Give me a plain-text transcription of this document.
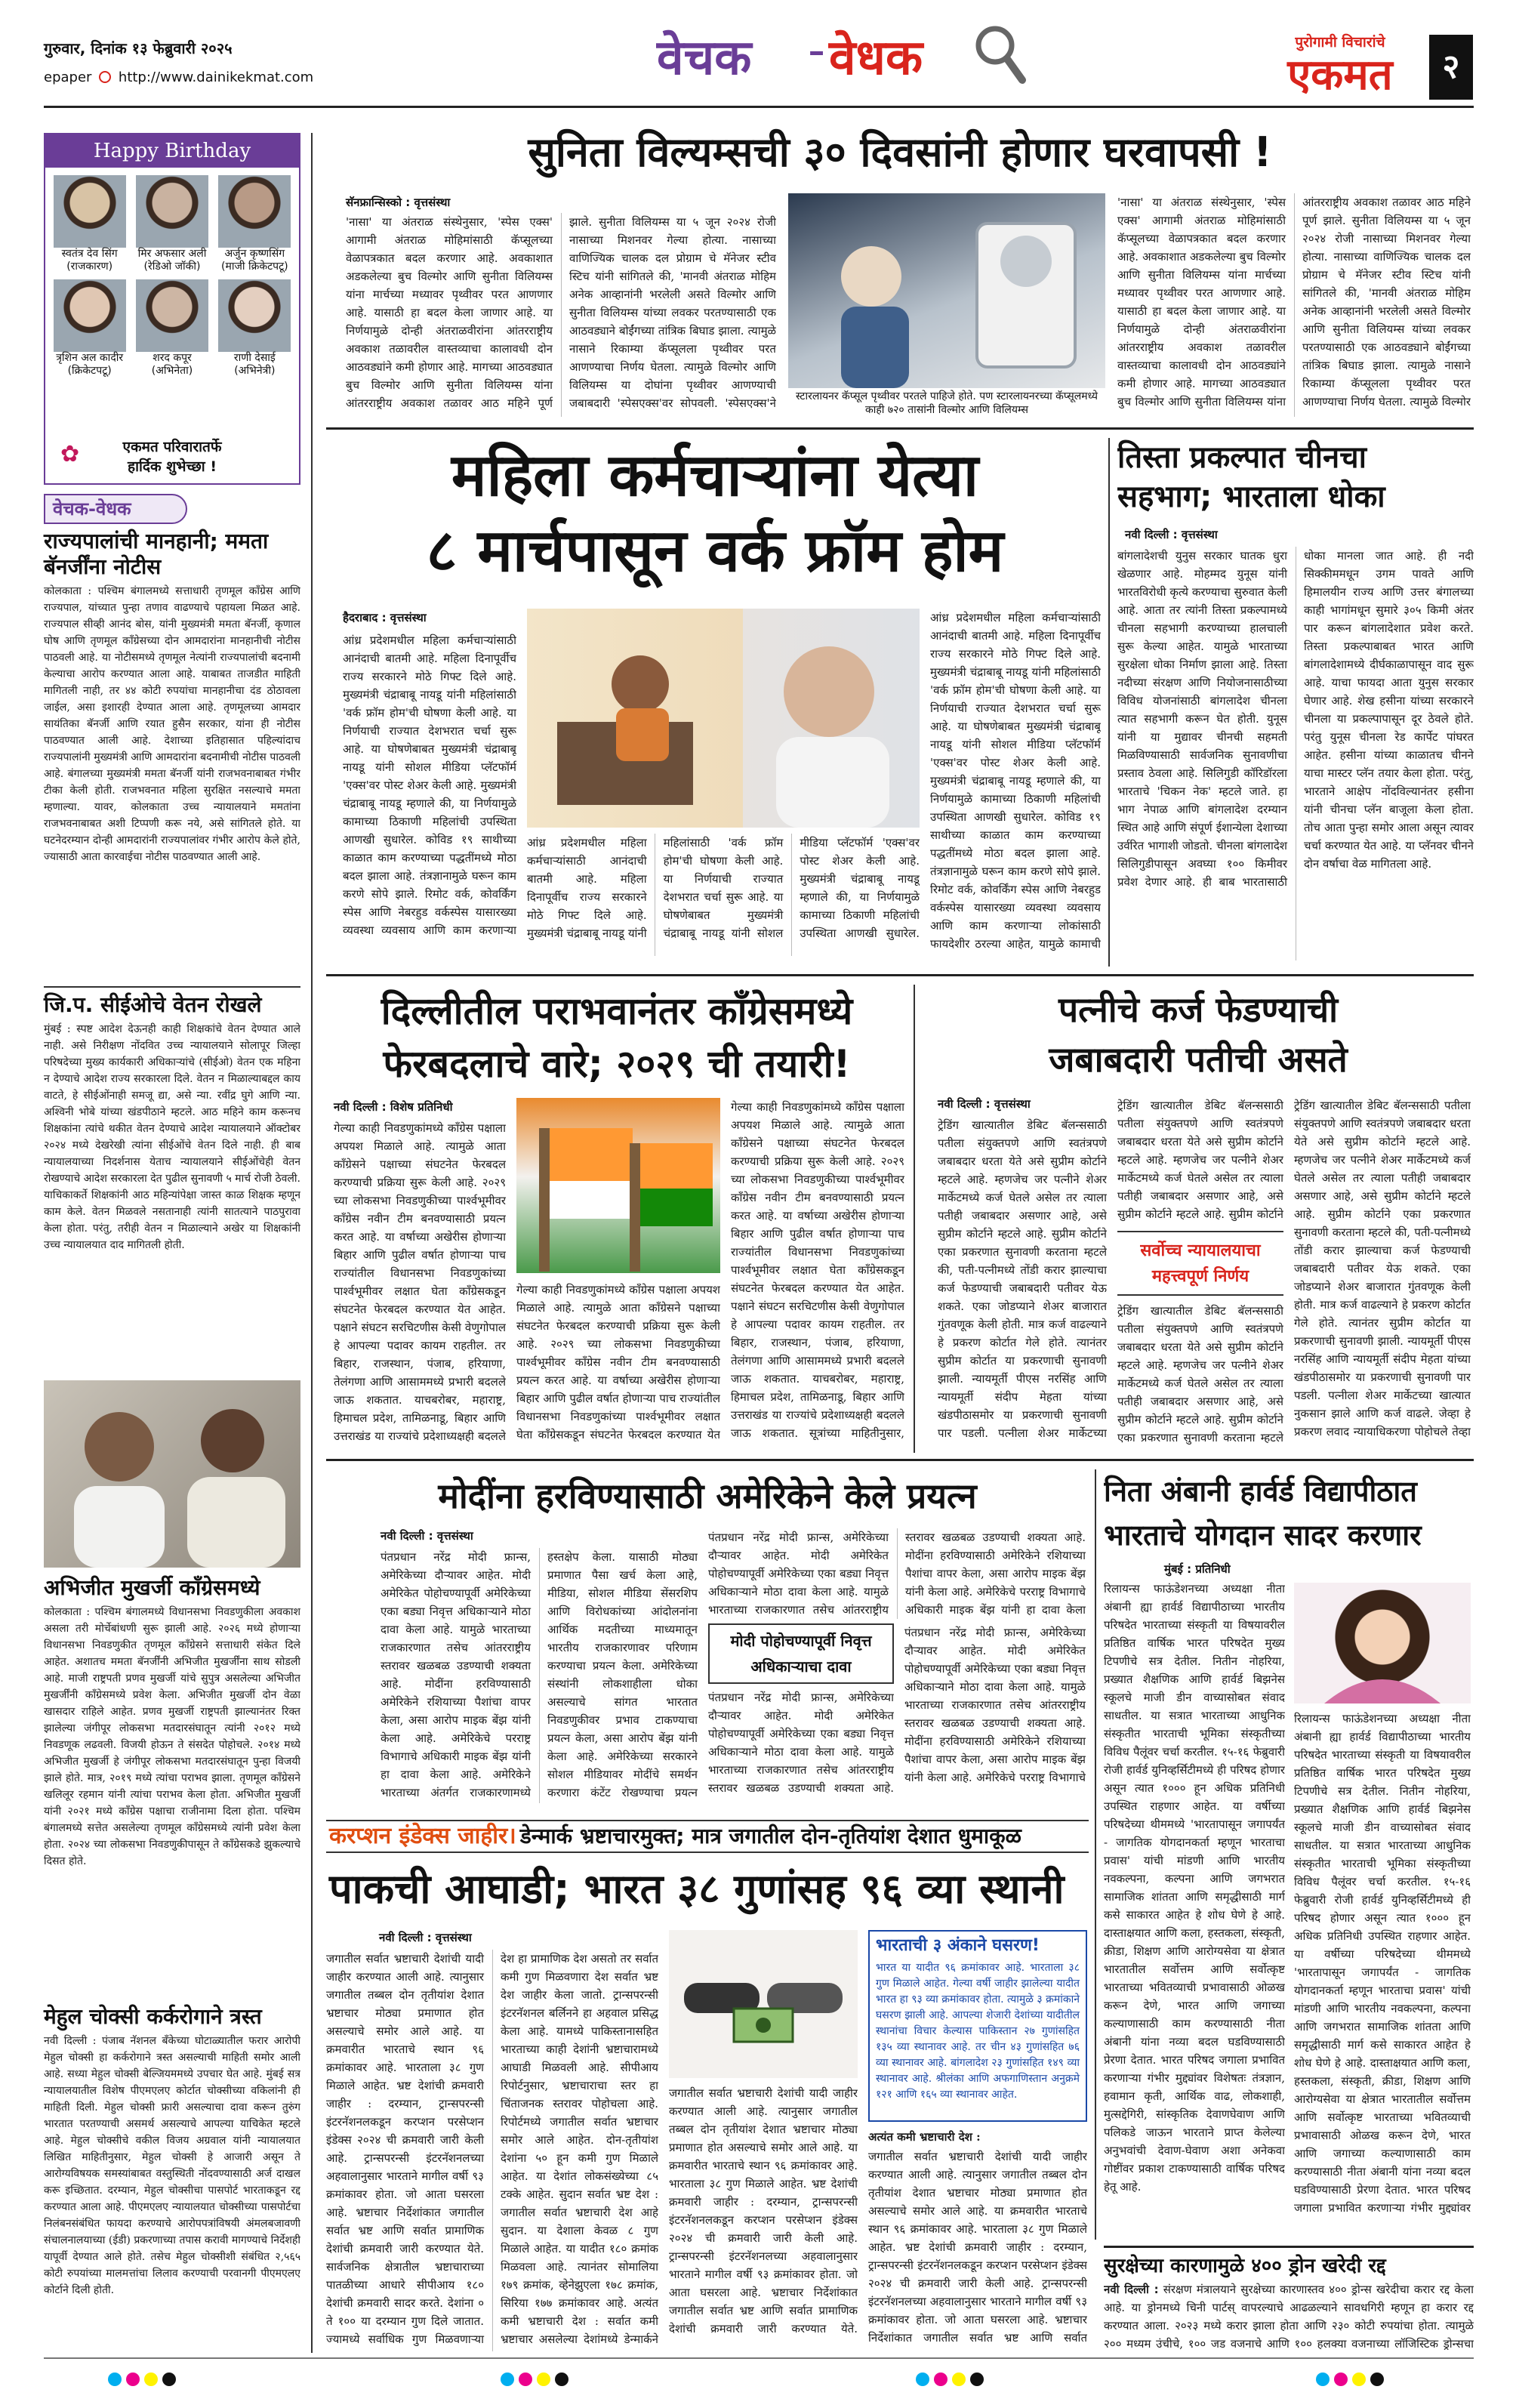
गुरुवार, दिनांक १३ फेब्रुवारी २०२५
epaper http://www.dainikekmat.com	वेचक - वेधक	पुरोगामी विचारांचे
एकमत	२
Happy Birthday
स्वतंत्र देव सिंग
(राजकारण)
मिर अफसार अली
(रेडिओ जॉकी)
अर्जुन कृष्णसिंग
(माजी क्रिकेटपटू)
त्रृशिन अल कादीर
(क्रिकेटपटू)
शरद कपूर
(अभिनेता)
राणी देसाई
(अभिनेत्री)
एकमत परिवारातर्फे
हार्दिक शुभेच्छा !
✿
वेचक-वेधक
राज्यपालांची मानहानी; ममता बॅनर्जींना नोटीस
कोलकाता : पश्चिम बंगालमध्ये सत्ताधारी तृणमूल काँग्रेस आणि राज्यपाल, यांच्यात पुन्हा तणाव वाढण्याचे पहायला मिळत आहे. राज्यपाल सीव्ही आनंद बोस, यांनी मुख्यमंत्री ममता बॅनर्जी, कृणाल घोष आणि तृणमूल काँग्रेसच्या दोन आमदारांना मानहानीची नोटीस पाठवली आहे. या नोटीसमध्ये तृणमूल नेत्यांनी राज्यपालांची बदनामी केल्याचा आरोप करण्यात आला आहे. याबाबत ताजडीत माहिती मागितली नाही, तर ४४ कोटी रुपयांचा मानहानीचा दंड ठोठावला जाईल, असा इशारही देण्यात आला आहे. तृणमूलच्या आमदार सायंतिका बॅनर्जी आणि रयात हुसैन सरकार, यांना ही नोटीस पाठवण्यात आली आहे. देशाच्या इतिहासात पहिल्यांदाच राज्यपालांनी मुख्यमंत्री आणि आमदारांना बदनामीची नोटीस पाठवली आहे. बंगालच्या मुख्यमंत्री ममता बॅनर्जी यांनी राजभवनाबाबत गंभीर टीका केली होती. राजभवनात महिला सुरक्षित नसल्याचे ममता म्हणाल्या. यावर, कोलकाता उच्च न्यायालयाने ममतांना राजभवनाबाबत अशी टिप्पणी करू नये, असे सांगितले होते. या घटनेदरम्यान दोन्ही आमदारांनी राज्यपालांवर गंभीर आरोप केले होते, ज्यासाठी आता कारवाईचा नोटीस पाठवण्यात आली आहे.
जि.प. सीईओचे वेतन रोखले
मुंबई : स्पष्ट आदेश देऊनही काही शिक्षकांचे वेतन देण्यात आले नाही. असे निरीक्षण नोंदवित उच्च न्यायालयाने सोलापूर जिल्हा परिषदेच्या मुख्य कार्यकारी अधिकाऱ्यांचे (सीईओ) वेतन एक महिना न देण्याचे आदेश राज्य सरकारला दिले. वेतन न मिळाल्याबद्दल काय वाटते, हे सीईओंनाही समजू द्या, असे न्या. रवींद्र घुगे आणि न्या. अश्विनी भोबे यांच्या खंडपीठाने म्हटले. आठ महिने काम करूनच शिक्षकांना त्यांचे थकीत वेतन देण्याचे आदेश न्यायालयाने ऑक्टोबर २०२४ मध्ये देखरेखी त्यांना सीईओंचे वेतन दिले नाही. ही बाब न्यायालयाच्या निदर्शनास येताच न्यायालयाने सीईओंचेही वेतन रोखण्याचे आदेश सरकारला देत पुढील सुनावणी ५ मार्च रोजी ठेवली. याचिकाकर्ते शिक्षकांनी आठ महिन्यांपेक्षा जास्त काळ शिक्षक म्हणून काम केले. वेतन मिळवले नसतानाही त्यांनी सातत्याने पाठपुरावा केला होता. परंतु, तरीही वेतन न मिळाल्याने अखेर या शिक्षकांनी उच्च न्यायालयात दाद मागितली होती.
अभिजीत मुखर्जी काँग्रेसमध्ये
कोलकाता : पश्चिम बंगालमध्ये विधानसभा निवडणुकीला अवकाश असला तरी मोर्चेबांधणी सुरू झाली आहे. २०२६ मध्ये होणाऱ्या विधानसभा निवडणुकीत तृणमूल काँग्रेसने सत्ताधारी संकेत दिले आहेत. अशातच ममता बॅनर्जींनी अभिजीत मुखर्जींना साथ सोडली आहे. माजी राष्ट्रपती प्रणव मुखर्जी यांचे सुपुत्र असलेल्या अभिजीत मुखर्जींनी काँग्रेसमध्ये प्रवेश केला. अभिजीत मुखर्जी दोन वेळा खासदार राहिले आहेत. प्रणव मुखर्जी राष्ट्रपती झाल्यानंतर रिक्त झालेल्या जंगीपूर लोकसभा मतदारसंघातून त्यांनी २०१२ मध्ये निवडणूक लढवली. विजयी होऊन ते संसदेत पोहोचले. २०१४ मध्ये अभिजीत मुखर्जी हे जंगीपूर लोकसभा मतदारसंघातून पुन्हा विजयी झाले होते. मात्र, २०१९ मध्ये त्यांचा पराभव झाला. तृणमूल काँग्रेसने खलिलूर रहमान यांनी त्यांचा पराभव केला होता. अभिजीत मुखर्जी यांनी २०२१ मध्ये काँग्रेस पक्षाचा राजीनामा दिला होता. पश्चिम बंगालमध्ये सत्तेत असलेल्या तृणमूल काँग्रेसमध्ये त्यांनी प्रवेश केला होता. २०२४ च्या लोकसभा निवडणुकीपासून ते काँग्रेसकडे झुकल्याचे दिसत होते.
मेहुल चोक्सी कर्करोगाने त्रस्त
नवी दिल्ली : पंजाब नॅशनल बँकेच्या घोटाळ्यातील फरार आरोपी मेहुल चोक्सी हा कर्करोगाने त्रस्त असल्याची माहिती समोर आली आहे. सध्या मेहुल चोक्सी बेल्जियममध्ये उपचार घेत आहे. मुंबई सत्र न्यायालयातील विशेष पीएमएलए कोर्टात चोक्सीच्या वकिलांनी ही माहिती दिली. मेहुल चोक्सी फ्रारी असल्याचा दावा करून तुरुंग भारतात परतण्याची असमर्थ असल्याचे आपल्या याचिकेत म्हटले आहे. मेहुल चोक्सीचे वकील विजय अग्रवाल यांनी न्यायालयात लिखित माहितीनुसार, मेहुल चोक्सी हे आजारी असून ते आरोग्यविषयक समस्यांबाबत वस्तुस्थिती नोंदवण्यासाठी अर्ज दाखल करू इच्छितात. दरम्यान, मेहुल चोक्सीचा पासपोर्ट भारताकडून रद्द करण्यात आला आहे. पीएमएलए न्यायालयात चोक्सीच्या पासपोर्टचा निलंबनसंबंधित फायदा करण्याचे आरोपपत्रांविषयी अंमलबजावणी संचालनालयाच्या (ईडी) प्रकरणाच्या तपास करावी मागण्याचे निर्देशही यापूर्वी देण्यात आले होते. तसेच मेहुल चोक्सीशी संबंधित २,५६५ कोटी रुपयांच्या मालमत्तांचा लिलाव करण्याची परवानगी पीएमएलए कोर्टाने दिली होती.
सुनिता विल्यम्सची ३० दिवसांनी होणार घरवापसी !
सॅनफ्रान्सिस्को : वृत्तसंस्था
'नासा' या अंतराळ संस्थेनुसार, 'स्पेस एक्स' आगामी अंतराळ मोहिमांसाठी कॅप्सूलच्या वेळापत्रकात बदल करणार आहे. अवकाशात अडकलेल्या बुच विल्मोर आणि सुनीता विलियम्स यांना मार्चच्या मध्यावर पृथ्वीवर परत आणणार आहे. यासाठी हा बदल केला जाणार आहे. या निर्णयामुळे दोन्ही अंतराळवीरांना आंतरराष्ट्रीय अवकाश तळावरील वास्तव्याचा कालावधी दोन आठवड्यांने कमी होणार आहे. मागच्या आठवड्यात बुच विल्मोर आणि सुनीता विलियम्स यांना आंतरराष्ट्रीय अवकाश तळावर आठ महिने पूर्ण झाले. सुनीता विलियम्स या ५ जून २०२४ रोजी नासाच्या मिशनवर गेल्या होत्या. नासाच्या वाणिज्यिक चालक दल प्रोग्राम चे मॅनेजर स्टीव स्टिच यांनी सांगितले की, 'मानवी अंतराळ मोहिम अनेक आव्हानांनी भरलेली असते विल्मोर आणि सुनीता विलियम्स यांच्या लवकर परतण्यासाठी एक आठवड्याने बोईंगच्या तांत्रिक बिघाड झाला. त्यामुळे नासाने रिकाम्या कॅप्सूलला पृथ्वीवर परत आणण्याचा निर्णय घेतला. त्यामुळे विल्मोर आणि विलियम्स या दोघांना पृथ्वीवर आणण्याची जबाबदारी 'स्पेसएक्स'वर सोपवली. 'स्पेसएक्स'ने	स्टारलायनर कॅप्सूल पृथ्वीवर परतले पाहिजे होते. पण स्टारलायनरच्या कॅप्सूलमध्ये काही ७२० तासांनी विल्मोर आणि विलियम्स
'नासा' या अंतराळ संस्थेनुसार, 'स्पेस एक्स' आगामी अंतराळ मोहिमांसाठी कॅप्सूलच्या वेळापत्रकात बदल करणार आहे. अवकाशात अडकलेल्या बुच विल्मोर आणि सुनीता विलियम्स यांना मार्चच्या मध्यावर पृथ्वीवर परत आणणार आहे. यासाठी हा बदल केला जाणार आहे. या निर्णयामुळे दोन्ही अंतराळवीरांना आंतरराष्ट्रीय अवकाश तळावरील वास्तव्याचा कालावधी दोन आठवड्यांने कमी होणार आहे. मागच्या आठवड्यात बुच विल्मोर आणि सुनीता विलियम्स यांना आंतरराष्ट्रीय अवकाश तळावर आठ महिने पूर्ण झाले. सुनीता विलियम्स या ५ जून २०२४ रोजी नासाच्या मिशनवर गेल्या होत्या. नासाच्या वाणिज्यिक चालक दल प्रोग्राम चे मॅनेजर स्टीव स्टिच यांनी सांगितले की, 'मानवी अंतराळ मोहिम अनेक आव्हानांनी भरलेली असते विल्मोर आणि सुनीता विलियम्स यांच्या लवकर परतण्यासाठी एक आठवड्याने बोईंगच्या तांत्रिक बिघाड झाला. त्यामुळे नासाने रिकाम्या कॅप्सूलला पृथ्वीवर परत आणण्याचा निर्णय घेतला. त्यामुळे विल्मोर
महिला कर्मचाऱ्यांना येत्या
८ मार्चपासून वर्क फ्रॉम होम
हैदराबाद : वृत्तसंस्था
आंध्र प्रदेशमधील महिला कर्मचाऱ्यांसाठी आनंदाची बातमी आहे. महिला दिनापूर्वीच राज्य सरकारने मोठे गिफ्ट दिले आहे. मुख्यमंत्री चंद्राबाबू नायडू यांनी महिलांसाठी 'वर्क फ्रॉम होम'ची घोषणा केली आहे. या निर्णयाची राज्यात देशभरात चर्चा सुरू आहे. या घोषणेबाबत मुख्यमंत्री चंद्राबाबू नायडू यांनी सोशल मीडिया प्लॅटफॉर्म 'एक्स'वर पोस्ट शेअर केली आहे. मुख्यमंत्री चंद्राबाबू नायडू म्हणाले की, या निर्णयामुळे कामाच्या ठिकाणी महिलांची उपस्थिता आणखी सुधारेल. कोविड १९ साथीच्या काळात काम करण्याच्या पद्धतींमध्ये मोठा बदल झाला आहे. तंत्रज्ञानामुळे घरून काम करणे सोपे झाले. रिमोट वर्क, कोवर्किंग स्पेस आणि नेबरहुड वर्कस्पेस यासारख्या व्यवस्था व्यवसाय आणि काम करणाऱ्या
आंध्र प्रदेशमधील महिला कर्मचाऱ्यांसाठी आनंदाची बातमी आहे. महिला दिनापूर्वीच राज्य सरकारने मोठे गिफ्ट दिले आहे. मुख्यमंत्री चंद्राबाबू नायडू यांनी महिलांसाठी 'वर्क फ्रॉम होम'ची घोषणा केली आहे. या निर्णयाची राज्यात देशभरात चर्चा सुरू आहे. या घोषणेबाबत मुख्यमंत्री चंद्राबाबू नायडू यांनी सोशल मीडिया प्लॅटफॉर्म 'एक्स'वर पोस्ट शेअर केली आहे. मुख्यमंत्री चंद्राबाबू नायडू म्हणाले की, या निर्णयामुळे कामाच्या ठिकाणी महिलांची उपस्थिता आणखी सुधारेल.
आंध्र प्रदेशमधील महिला कर्मचाऱ्यांसाठी आनंदाची बातमी आहे. महिला दिनापूर्वीच राज्य सरकारने मोठे गिफ्ट दिले आहे. मुख्यमंत्री चंद्राबाबू नायडू यांनी महिलांसाठी 'वर्क फ्रॉम होम'ची घोषणा केली आहे. या निर्णयाची राज्यात देशभरात चर्चा सुरू आहे. या घोषणेबाबत मुख्यमंत्री चंद्राबाबू नायडू यांनी सोशल मीडिया प्लॅटफॉर्म 'एक्स'वर पोस्ट शेअर केली आहे. मुख्यमंत्री चंद्राबाबू नायडू म्हणाले की, या निर्णयामुळे कामाच्या ठिकाणी महिलांची उपस्थिता आणखी सुधारेल. कोविड १९ साथीच्या काळात काम करण्याच्या पद्धतींमध्ये मोठा बदल झाला आहे. तंत्रज्ञानामुळे घरून काम करणे सोपे झाले. रिमोट वर्क, कोवर्किंग स्पेस आणि नेबरहुड वर्कस्पेस यासारख्या व्यवस्था व्यवसाय आणि काम करणाऱ्या लोकांसाठी फायदेशीर ठरल्या आहेत, यामुळे कामाची
तिस्ता प्रकल्पात चीनचा
सहभाग; भारताला धोका
नवी दिल्ली : वृत्तसंस्था
बांगलादेशची युनुस सरकार घातक धुरा खेळणार आहे. मोहम्मद युनूस यांनी भारतविरोधी कृत्ये करण्याचा सुरुवात केली आहे. आता तर त्यांनी तिस्ता प्रकल्पामध्ये चीनला सहभागी करण्याच्या हालचाली सुरू केल्या आहेत. यामुळे भारताच्या सुरक्षेला धोका निर्माण झाला आहे. तिस्ता नदीच्या संरक्षण आणि नियोजनासाठीच्या विविध योजनांसाठी बांगलादेश चीनला त्यात सहभागी करून घेत होती. युनूस यांनी या मुद्यावर चीनची सहमती मिळविण्यासाठी सार्वजनिक सुनावणीचा प्रस्ताव ठेवला आहे. सिलिगुडी कॉरिडॉरला भारताचे 'चिकन नेक' म्हटले जाते. हा भाग नेपाळ आणि बांगलादेश दरम्यान स्थित आहे आणि संपूर्ण ईशान्येला देशाच्या उर्वरित भागाशी जोडतो. चीनला बांगलादेश सिलिगुडीपासून अवघ्या १०० किमीवर प्रवेश देणार आहे. ही बाब भारतासाठी धोका मानला जात आहे. ही नदी सिक्कीममधून उगम पावते आणि हिमालयीन राज्य आणि उत्तर बंगालच्या काही भागांमधून सुमारे ३०५ किमी अंतर पार करून बांगलादेशात प्रवेश करते. तिस्ता प्रकल्पाबाबत भारत आणि बांगलादेशामध्ये दीर्घकाळापासून वाद सुरू आहे. याचा फायदा आता युनुस सरकार घेणार आहे. शेख हसीना यांच्या सरकारने चीनला या प्रकल्पापासून दूर ठेवले होते. परंतु युनूस चीनला रेड कार्पेट पांघरत आहेत. हसीना यांच्या काळातच चीनने याचा मास्टर प्लॅन तयार केला होता. परंतु, भारताने आक्षेप नोंदविल्यानंतर हसीना यांनी चीनचा प्लॅन बाजूला केला होता. तोच आता पुन्हा समोर आला असून त्यावर चर्चा करण्यात येत आहे. या प्लॅनवर चीनने दोन वर्षाचा वेळ मागितला आहे.
दिल्लीतील पराभवानंतर काँग्रेसमध्ये
फेरबदलाचे वारे; २०२९ ची तयारी!
नवी दिल्ली : विशेष प्रतिनिधी
गेल्या काही निवडणुकांमध्ये काँग्रेस पक्षाला अपयश मिळाले आहे. त्यामुळे आता काँग्रेसने पक्षाच्या संघटनेत फेरबदल करण्याची प्रक्रिया सुरू केली आहे. २०२९ च्या लोकसभा निवडणुकीच्या पार्श्वभूमीवर काँग्रेस नवीन टीम बनवण्यासाठी प्रयत्न करत आहे. या वर्षाच्या अखेरीस होणाऱ्या बिहार आणि पुढील वर्षात होणाऱ्या पाच राज्यांतील विधानसभा निवडणुकांच्या पार्श्वभूमीवर लक्षात घेता काँग्रेसकडून संघटनेत फेरबदल करण्यात येत आहेत. पक्षाने संघटन सरचिटणीस केसी वेणुगोपाल हे आपल्या पदावर कायम राहतील. तर बिहार, राजस्थान, पंजाब, हरियाणा, तेलंगणा आणि आसाममध्ये प्रभारी बदलले जाऊ शकतात. याचबरोबर, महाराष्ट्र, हिमाचल प्रदेश, तामिळनाडू, बिहार आणि उत्तराखंड या राज्यांचे प्रदेशाध्यक्षही बदलले
गेल्या काही निवडणुकांमध्ये काँग्रेस पक्षाला अपयश मिळाले आहे. त्यामुळे आता काँग्रेसने पक्षाच्या संघटनेत फेरबदल करण्याची प्रक्रिया सुरू केली आहे. २०२९ च्या लोकसभा निवडणुकीच्या पार्श्वभूमीवर काँग्रेस नवीन टीम बनवण्यासाठी प्रयत्न करत आहे. या वर्षाच्या अखेरीस होणाऱ्या बिहार आणि पुढील वर्षात होणाऱ्या पाच राज्यांतील विधानसभा निवडणुकांच्या पार्श्वभूमीवर लक्षात घेता काँग्रेसकडून संघटनेत फेरबदल करण्यात येत
गेल्या काही निवडणुकांमध्ये काँग्रेस पक्षाला अपयश मिळाले आहे. त्यामुळे आता काँग्रेसने पक्षाच्या संघटनेत फेरबदल करण्याची प्रक्रिया सुरू केली आहे. २०२९ च्या लोकसभा निवडणुकीच्या पार्श्वभूमीवर काँग्रेस नवीन टीम बनवण्यासाठी प्रयत्न करत आहे. या वर्षाच्या अखेरीस होणाऱ्या बिहार आणि पुढील वर्षात होणाऱ्या पाच राज्यांतील विधानसभा निवडणुकांच्या पार्श्वभूमीवर लक्षात घेता काँग्रेसकडून संघटनेत फेरबदल करण्यात येत आहेत. पक्षाने संघटन सरचिटणीस केसी वेणुगोपाल हे आपल्या पदावर कायम राहतील. तर बिहार, राजस्थान, पंजाब, हरियाणा, तेलंगणा आणि आसाममध्ये प्रभारी बदलले जाऊ शकतात. याचबरोबर, महाराष्ट्र, हिमाचल प्रदेश, तामिळनाडू, बिहार आणि उत्तराखंड या राज्यांचे प्रदेशाध्यक्षही बदलले जाऊ शकतात. सूत्रांच्या माहितीनुसार,
पत्नीचे कर्ज फेडण्याची
जबाबदारी पतीची असते
नवी दिल्ली : वृत्तसंस्था
ट्रेडिंग खात्यातील डेबिट बॅलन्ससाठी पतीला संयुक्तपणे आणि स्वतंत्रपणे जबाबदार धरता येते असे सुप्रीम कोर्टाने म्हटले आहे. म्हणजेच जर पत्नीने शेअर मार्केटमध्ये कर्ज घेतले असेल तर त्याला पतीही जबाबदार असणार आहे, असे सुप्रीम कोर्टाने म्हटले आहे. सुप्रीम कोर्टाने एका प्रकरणात सुनावणी करताना म्हटले की, पती-पत्नीमध्ये तोंडी करार झाल्याचा कर्ज फेडण्याची जबाबदारी पतीवर येऊ शकते. एका जोडप्याने शेअर बाजारात गुंतवणूक केली होती. मात्र कर्ज वाढल्याने हे प्रकरण कोर्टात गेले होते. त्यानंतर सुप्रीम कोर्टात या प्रकरणाची सुनावणी झाली. न्यायमूर्ती पीएस नरसिंह आणि न्यायमूर्ती संदीप मेहता यांच्या खंडपीठासमोर या प्रकरणाची सुनावणी पार पडली. पत्नीला शेअर मार्केटच्या
ट्रेडिंग खात्यातील डेबिट बॅलन्ससाठी पतीला संयुक्तपणे आणि स्वतंत्रपणे जबाबदार धरता येते असे सुप्रीम कोर्टाने म्हटले आहे. म्हणजेच जर पत्नीने शेअर मार्केटमध्ये कर्ज घेतले असेल तर त्याला पतीही जबाबदार असणार आहे, असे सुप्रीम कोर्टाने म्हटले आहे. सुप्रीम कोर्टाने
सर्वोच्च न्यायालयाचा
महत्त्वपूर्ण निर्णय
ट्रेडिंग खात्यातील डेबिट बॅलन्ससाठी पतीला संयुक्तपणे आणि स्वतंत्रपणे जबाबदार धरता येते असे सुप्रीम कोर्टाने म्हटले आहे. म्हणजेच जर पत्नीने शेअर मार्केटमध्ये कर्ज घेतले असेल तर त्याला पतीही जबाबदार असणार आहे, असे सुप्रीम कोर्टाने म्हटले आहे. सुप्रीम कोर्टाने एका प्रकरणात सुनावणी करताना म्हटले
ट्रेडिंग खात्यातील डेबिट बॅलन्ससाठी पतीला संयुक्तपणे आणि स्वतंत्रपणे जबाबदार धरता येते असे सुप्रीम कोर्टाने म्हटले आहे. म्हणजेच जर पत्नीने शेअर मार्केटमध्ये कर्ज घेतले असेल तर त्याला पतीही जबाबदार असणार आहे, असे सुप्रीम कोर्टाने म्हटले आहे. सुप्रीम कोर्टाने एका प्रकरणात सुनावणी करताना म्हटले की, पती-पत्नीमध्ये तोंडी करार झाल्याचा कर्ज फेडण्याची जबाबदारी पतीवर येऊ शकते. एका जोडप्याने शेअर बाजारात गुंतवणूक केली होती. मात्र कर्ज वाढल्याने हे प्रकरण कोर्टात गेले होते. त्यानंतर सुप्रीम कोर्टात या प्रकरणाची सुनावणी झाली. न्यायमूर्ती पीएस नरसिंह आणि न्यायमूर्ती संदीप मेहता यांच्या खंडपीठासमोर या प्रकरणाची सुनावणी पार पडली. पत्नीला शेअर मार्केटच्या खात्यात नुकसान झाले आणि कर्ज वाढले. जेव्हा हे प्रकरण लवाद न्यायाधिकरणा पोहोचले तेव्हा
मोदींना हरविण्यासाठी अमेरिकेने केले प्रयत्न
नवी दिल्ली : वृत्तसंस्था
पंतप्रधान नरेंद्र मोदी फ्रान्स, अमेरिकेच्या दौऱ्यावर आहेत. मोदी अमेरिकेत पोहोचण्यापूर्वी अमेरिकेच्या एका बड्या निवृत्त अधिकाऱ्याने मोठा दावा केला आहे. यामुळे भारताच्या राजकारणात तसेच आंतरराष्ट्रीय स्तरावर खळबळ उडण्याची शक्यता आहे. मोदींना हरविण्यासाठी अमेरिकेने रशियाच्या पैशांचा वापर केला, असा आरोप माइक बेंझ यांनी केला आहे. अमेरिकेचे परराष्ट्र विभागाचे अधिकारी माइक बेंझ यांनी हा दावा केला आहे. अमेरिकेने भारताच्या अंतर्गत राजकारणामध्ये हस्तक्षेप केला. यासाठी मोठ्या प्रमाणात पैसा खर्च केला आहे, मीडिया, सोशल मीडिया सेंसरशिप आणि विरोधकांच्या आंदोलनांना आर्थिक मदतीच्या माध्यमातून भारतीय राजकारणावर परिणाम करण्याचा प्रयत्न केला. अमेरिकेच्या संस्थांनी लोकशाहीला धोका असल्याचे सांगत भारतात निवडणुकीवर प्रभाव टाकण्याचा प्रयत्न केला, असा आरोप बेंझ यांनी केला आहे. अमेरिकेच्या सरकारने सोशल मीडियावर मोदींचे समर्थन करणारा कंटेंट रोखण्याचा प्रयत्न
पंतप्रधान नरेंद्र मोदी फ्रान्स, अमेरिकेच्या दौऱ्यावर आहेत. मोदी अमेरिकेत पोहोचण्यापूर्वी अमेरिकेच्या एका बड्या निवृत्त अधिकाऱ्याने मोठा दावा केला आहे. यामुळे भारताच्या राजकारणात तसेच आंतरराष्ट्रीय स्तरावर खळबळ उडण्याची शक्यता आहे. मोदींना हरविण्यासाठी अमेरिकेने रशियाच्या पैशांचा वापर केला, असा आरोप माइक बेंझ यांनी केला आहे. अमेरिकेचे परराष्ट्र विभागाचे अधिकारी माइक बेंझ यांनी हा दावा केला
मोदी पोहोचण्यापूर्वी निवृत्त
अधिकाऱ्याचा दावा
पंतप्रधान नरेंद्र मोदी फ्रान्स, अमेरिकेच्या दौऱ्यावर आहेत. मोदी अमेरिकेत पोहोचण्यापूर्वी अमेरिकेच्या एका बड्या निवृत्त अधिकाऱ्याने मोठा दावा केला आहे. यामुळे भारताच्या राजकारणात तसेच आंतरराष्ट्रीय स्तरावर खळबळ उडण्याची शक्यता आहे.
पंतप्रधान नरेंद्र मोदी फ्रान्स, अमेरिकेच्या दौऱ्यावर आहेत. मोदी अमेरिकेत पोहोचण्यापूर्वी अमेरिकेच्या एका बड्या निवृत्त अधिकाऱ्याने मोठा दावा केला आहे. यामुळे भारताच्या राजकारणात तसेच आंतरराष्ट्रीय स्तरावर खळबळ उडण्याची शक्यता आहे. मोदींना हरविण्यासाठी अमेरिकेने रशियाच्या पैशांचा वापर केला, असा आरोप माइक बेंझ यांनी केला आहे. अमेरिकेचे परराष्ट्र विभागाचे
निता अंबानी हार्वर्ड विद्यापीठात
भारताचे योगदान सादर करणार
मुंबई : प्रतिनिधी
रिलायन्स फाऊंडेशनच्या अध्यक्षा नीता अंबानी ह्या हार्वर्ड विद्यापीठाच्या भारतीय परिषदेत भारताच्या संस्कृती या विषयावरील प्रतिष्ठित वार्षिक भारत परिषदेत मुख्य टिपणीचे सत्र देतील. नितीन नोहरिया, प्रख्यात शैक्षणिक आणि हार्वर्ड बिझनेस स्कूलचे माजी डीन वाच्यासोबत संवाद साधतील. या सत्रात भारताच्या आधुनिक संस्कृतीत भारताची भूमिका संस्कृतीच्या विविध पैलूंवर चर्चा करतील. १५-१६ फेब्रुवारी रोजी हार्वर्ड युनिव्हर्सिटीमध्ये ही परिषद होणार असून त्यात १००० हून अधिक प्रतिनिधी उपस्थित राहणार आहेत. या वर्षीच्या परिषदेच्या थीममध्ये 'भारतापासून जगापर्यंत - जागतिक योगदानकर्ता म्हणून भारताचा प्रवास' यांची मांडणी आणि भारतीय नवकल्पना, कल्पना आणि जगभरात सामाजिक शांतता आणि समृद्धीसाठी मार्ग कसे साकारत आहेत हे शोध घेणे हे आहे. दास्ताक्षयात आणि कला, हस्तकला, संस्कृती, क्रीडा, शिक्षण आणि आरोग्यसेवा या क्षेत्रात भारतातील सर्वोत्तम आणि सर्वोत्कृष्ट भारताच्या भवितव्याची प्रभावासाठी ओळख करून देणे, भारत आणि जगाच्या कल्याणासाठी काम करण्यासाठी नीता अंबानी यांना नव्या बदल घडविण्यासाठी प्रेरणा देतात. भारत परिषद जगाला प्रभावित करणाऱ्या गंभीर मुद्द्यांवर विशेषतः तंत्रज्ञान, हवामान कृती, आर्थिक वाढ, लोकशाही, मुत्सद्देगिरी, सांस्कृतिक देवाणघेवाण आणि पलिकडे जाऊन भारताने प्राप्त केलेल्या अनुभवांची देवाण-घेवाण अशा अनेकवा गोष्टींवर प्रकाश टाकण्यासाठी वार्षिक परिषद हेतू आहे.
रिलायन्स फाऊंडेशनच्या अध्यक्षा नीता अंबानी ह्या हार्वर्ड विद्यापीठाच्या भारतीय परिषदेत भारताच्या संस्कृती या विषयावरील प्रतिष्ठित वार्षिक भारत परिषदेत मुख्य टिपणीचे सत्र देतील. नितीन नोहरिया, प्रख्यात शैक्षणिक आणि हार्वर्ड बिझनेस स्कूलचे माजी डीन वाच्यासोबत संवाद साधतील. या सत्रात भारताच्या आधुनिक संस्कृतीत भारताची भूमिका संस्कृतीच्या विविध पैलूंवर चर्चा करतील. १५-१६ फेब्रुवारी रोजी हार्वर्ड युनिव्हर्सिटीमध्ये ही परिषद होणार असून त्यात १००० हून अधिक प्रतिनिधी उपस्थित राहणार आहेत. या वर्षीच्या परिषदेच्या थीममध्ये 'भारतापासून जगापर्यंत - जागतिक योगदानकर्ता म्हणून भारताचा प्रवास' यांची मांडणी आणि भारतीय नवकल्पना, कल्पना आणि जगभरात सामाजिक शांतता आणि समृद्धीसाठी मार्ग कसे साकारत आहेत हे शोध घेणे हे आहे. दास्ताक्षयात आणि कला, हस्तकला, संस्कृती, क्रीडा, शिक्षण आणि आरोग्यसेवा या क्षेत्रात भारतातील सर्वोत्तम आणि सर्वोत्कृष्ट भारताच्या भवितव्याची प्रभावासाठी ओळख करून देणे, भारत आणि जगाच्या कल्याणासाठी काम करण्यासाठी नीता अंबानी यांना नव्या बदल घडविण्यासाठी प्रेरणा देतात. भारत परिषद जगाला प्रभावित करणाऱ्या गंभीर मुद्द्यांवर
करप्शन इंडेक्स जाहीर। डेन्मार्क भ्रष्टाचारमुक्त; मात्र जगातील दोन-तृतियांश देशात धुमाकूळ
पाकची आघाडी; भारत ३८ गुणांसह ९६ व्या स्थानी
नवी दिल्ली : वृत्तसंस्था
जगातील सर्वात भ्रष्टाचारी देशांची यादी जाहीर करण्यात आली आहे. त्यानुसार जगातील तब्बल दोन तृतीयांश देशात भ्रष्टाचार मोठ्या प्रमाणात होत असल्याचे समोर आले आहे. या क्रमवारीत भारताचे स्थान ९६ क्रमांकावर आहे. भारताला ३८ गुण मिळाले आहेत. भ्रष्ट देशांची क्रमवारी जाहीर : दरम्यान, ट्रान्सपरन्सी इंटरनॅशनलकडून करप्शन परसेप्शन इंडेक्स २०२४ ची क्रमवारी जारी केली आहे. ट्रान्सपरन्सी इंटरनॅशनलच्या अहवालानुसार भारताने मागील वर्षी ९३ क्रमांकावर होता. जो आता घसरला आहे. भ्रष्टाचार निर्देशांकात जगातील सर्वात भ्रष्ट आणि सर्वात प्रामाणिक देशांची क्रमवारी जारी करण्यात येते. सार्वजनिक क्षेत्रातील भ्रष्टाचाराच्या पातळीच्या आधारे सीपीआय १८० देशांची क्रमवारी सादर करते. देशांना ० ते १०० या दरम्यान गुण दिले जातात. ज्यामध्ये सर्वाधिक गुण मिळवणाऱ्या देश हा प्रामाणिक देश असतो तर सर्वात कमी गुण मिळवणारा देश सर्वात भ्रष्ट देश जाहीर केला जातो. ट्रान्सपरन्सी इंटरनॅशनल बर्लिनने हा अहवाल प्रसिद्ध केला आहे. यामध्ये पाकिस्तानासहित भारताच्या काही देशांनी भ्रष्टाचारामध्ये आघाडी मिळवली आहे. सीपीआय रिपोर्टनुसार, भ्रष्टाचाराचा स्तर हा चिंताजनक स्तरावर पोहोचला आहे. रिपोर्टमध्ये जगातील सर्वात भ्रष्टाचार समोर आले आहेत. दोन-तृतीयांश देशांना ५० हून कमी गुण मिळाले आहेत. या देशांत लोकसंख्येच्या ८५ टक्के आहेत. सुदान सर्वात भ्रष्ट देश : जगातील सर्वात भ्रष्टाचारी देश आहे सुदान. या देशाला केवळ ८ गुण मिळाले आहेत. या यादीत १८० क्रमांक मिळवला आहे. त्यानंतर सोमालिया १७९ क्रमांक, व्हेनेझुएला १७८ क्रमांक, सिरिया १७७ क्रमांकावर आहे. अत्यंत कमी भ्रष्टाचारी देश : सर्वात कमी भ्रष्टाचार असलेल्या देशांमध्ये डेन्मार्कने
जगातील सर्वात भ्रष्टाचारी देशांची यादी जाहीर करण्यात आली आहे. त्यानुसार जगातील तब्बल दोन तृतीयांश देशात भ्रष्टाचार मोठ्या प्रमाणात होत असल्याचे समोर आले आहे. या क्रमवारीत भारताचे स्थान ९६ क्रमांकावर आहे. भारताला ३८ गुण मिळाले आहेत. भ्रष्ट देशांची क्रमवारी जाहीर : दरम्यान, ट्रान्सपरन्सी इंटरनॅशनलकडून करप्शन परसेप्शन इंडेक्स २०२४ ची क्रमवारी जारी केली आहे. ट्रान्सपरन्सी इंटरनॅशनलच्या अहवालानुसार भारताने मागील वर्षी ९३ क्रमांकावर होता. जो आता घसरला आहे. भ्रष्टाचार निर्देशांकात जगातील सर्वात भ्रष्ट आणि सर्वात प्रामाणिक देशांची क्रमवारी जारी करण्यात येते.
भारताची ३ अंकाने घसरण!
भारत या यादीत ९६ क्रमांकावर आहे. भारताला ३८ गुण मिळाले आहेत. गेल्या वर्षी जाहीर झालेल्या यादीत भारत हा ९३ व्या क्रमांकावर होता. त्यामुळे ३ क्रमांकाने घसरण झाली आहे. आपल्या शेजारी देशांच्या यादीतील स्थानांचा विचार केल्यास पाकिस्तान २७ गुणांसहित १३५ व्या स्थानावर आहे. तर चीन ४३ गुणांसहित ७६ व्या स्थानावर आहे. बांगलादेश २३ गुणांसहित १४९ व्या स्थानावर आहे. श्रीलंका आणि अफगाणिस्तान अनुक्रमे १२१ आणि १६५ व्या स्थानावर आहेत.
अत्यंत कमी भ्रष्टाचारी देश :
जगातील सर्वात भ्रष्टाचारी देशांची यादी जाहीर करण्यात आली आहे. त्यानुसार जगातील तब्बल दोन तृतीयांश देशात भ्रष्टाचार मोठ्या प्रमाणात होत असल्याचे समोर आले आहे. या क्रमवारीत भारताचे स्थान ९६ क्रमांकावर आहे. भारताला ३८ गुण मिळाले आहेत. भ्रष्ट देशांची क्रमवारी जाहीर : दरम्यान, ट्रान्सपरन्सी इंटरनॅशनलकडून करप्शन परसेप्शन इंडेक्स २०२४ ची क्रमवारी जारी केली आहे. ट्रान्सपरन्सी इंटरनॅशनलच्या अहवालानुसार भारताने मागील वर्षी ९३ क्रमांकावर होता. जो आता घसरला आहे. भ्रष्टाचार निर्देशांकात जगातील सर्वात भ्रष्ट आणि सर्वात
सुरक्षेच्या कारणामुळे ४०० ड्रोन खरेदी रद्द
नवी दिल्ली : संरक्षण मंत्रालयाने सुरक्षेच्या कारणास्तव ४०० ड्रोन्स खरेदीचा करार रद्द केला आहे. या ड्रोनमध्ये चिनी पार्टस् वापरल्याचे आढळल्याने सावधगिरी म्हणून हा करार रद्द करण्यात आला. २०२३ मध्ये करार झाला होता आणि २३० कोटी रुपयांचा होता. त्यामुळे २०० मध्यम उंचीचे, १०० जड वजनाचे आणि १०० हलक्या वजनाच्या लॉजिस्टिक ड्रोन्सचा
